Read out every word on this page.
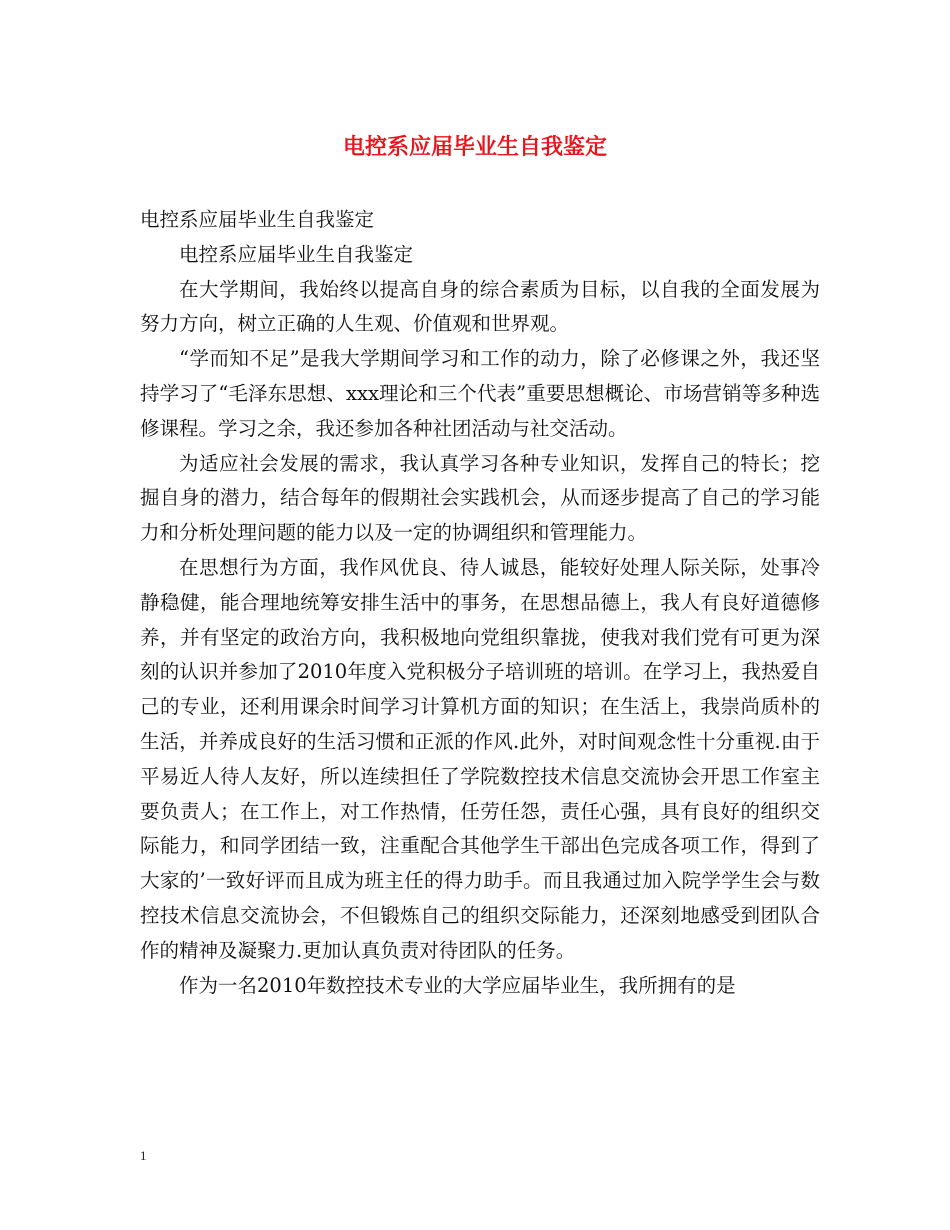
电控系应届毕业生自我鉴定

电控系应届毕业生自我鉴定

电控系应届毕业生自我鉴定

在大学期间，我始终以提高自身的综合素质为目标，以自我的全面发展为努力方向，树立正确的人生观、价值观和世界观。

“学而知不足”是我大学期间学习和工作的动力，除了必修课之外，我还坚持学习了“毛泽东思想、xxx理论和三个代表”重要思想概论、市场营销等多种选修课程。学习之余，我还参加各种社团活动与社交活动。

为适应社会发展的需求，我认真学习各种专业知识，发挥自己的特长；挖掘自身的潜力，结合每年的假期社会实践机会，从而逐步提高了自己的学习能力和分析处理问题的能力以及一定的协调组织和管理能力。

在思想行为方面，我作风优良、待人诚恳，能较好处理人际关际，处事冷静稳健，能合理地统筹安排生活中的事务，在思想品德上，我人有良好道德修养，并有坚定的政治方向，我积极地向党组织靠拢，使我对我们党有可更为深刻的认识并参加了2010年度入党积极分子培训班的培训。在学习上，我热爱自己的专业，还利用课余时间学习计算机方面的知识；在生活上，我崇尚质朴的生活，并养成良好的生活习惯和正派的作风.此外，对时间观念性十分重视.由于平易近人待人友好，所以连续担任了学院数控技术信息交流协会开思工作室主要负责人；在工作上，对工作热情，任劳任怨，责任心强，具有良好的组织交际能力，和同学团结一致，注重配合其他学生干部出色完成各项工作，得到了大家的’一致好评而且成为班主任的得力助手。而且我通过加入院学学生会与数控技术信息交流协会，不但锻炼自己的组织交际能力，还深刻地感受到团队合作的精神及凝聚力.更加认真负责对待团队的任务。

作为一名2010年数控技术专业的大学应届毕业生，我所拥有的是

1
